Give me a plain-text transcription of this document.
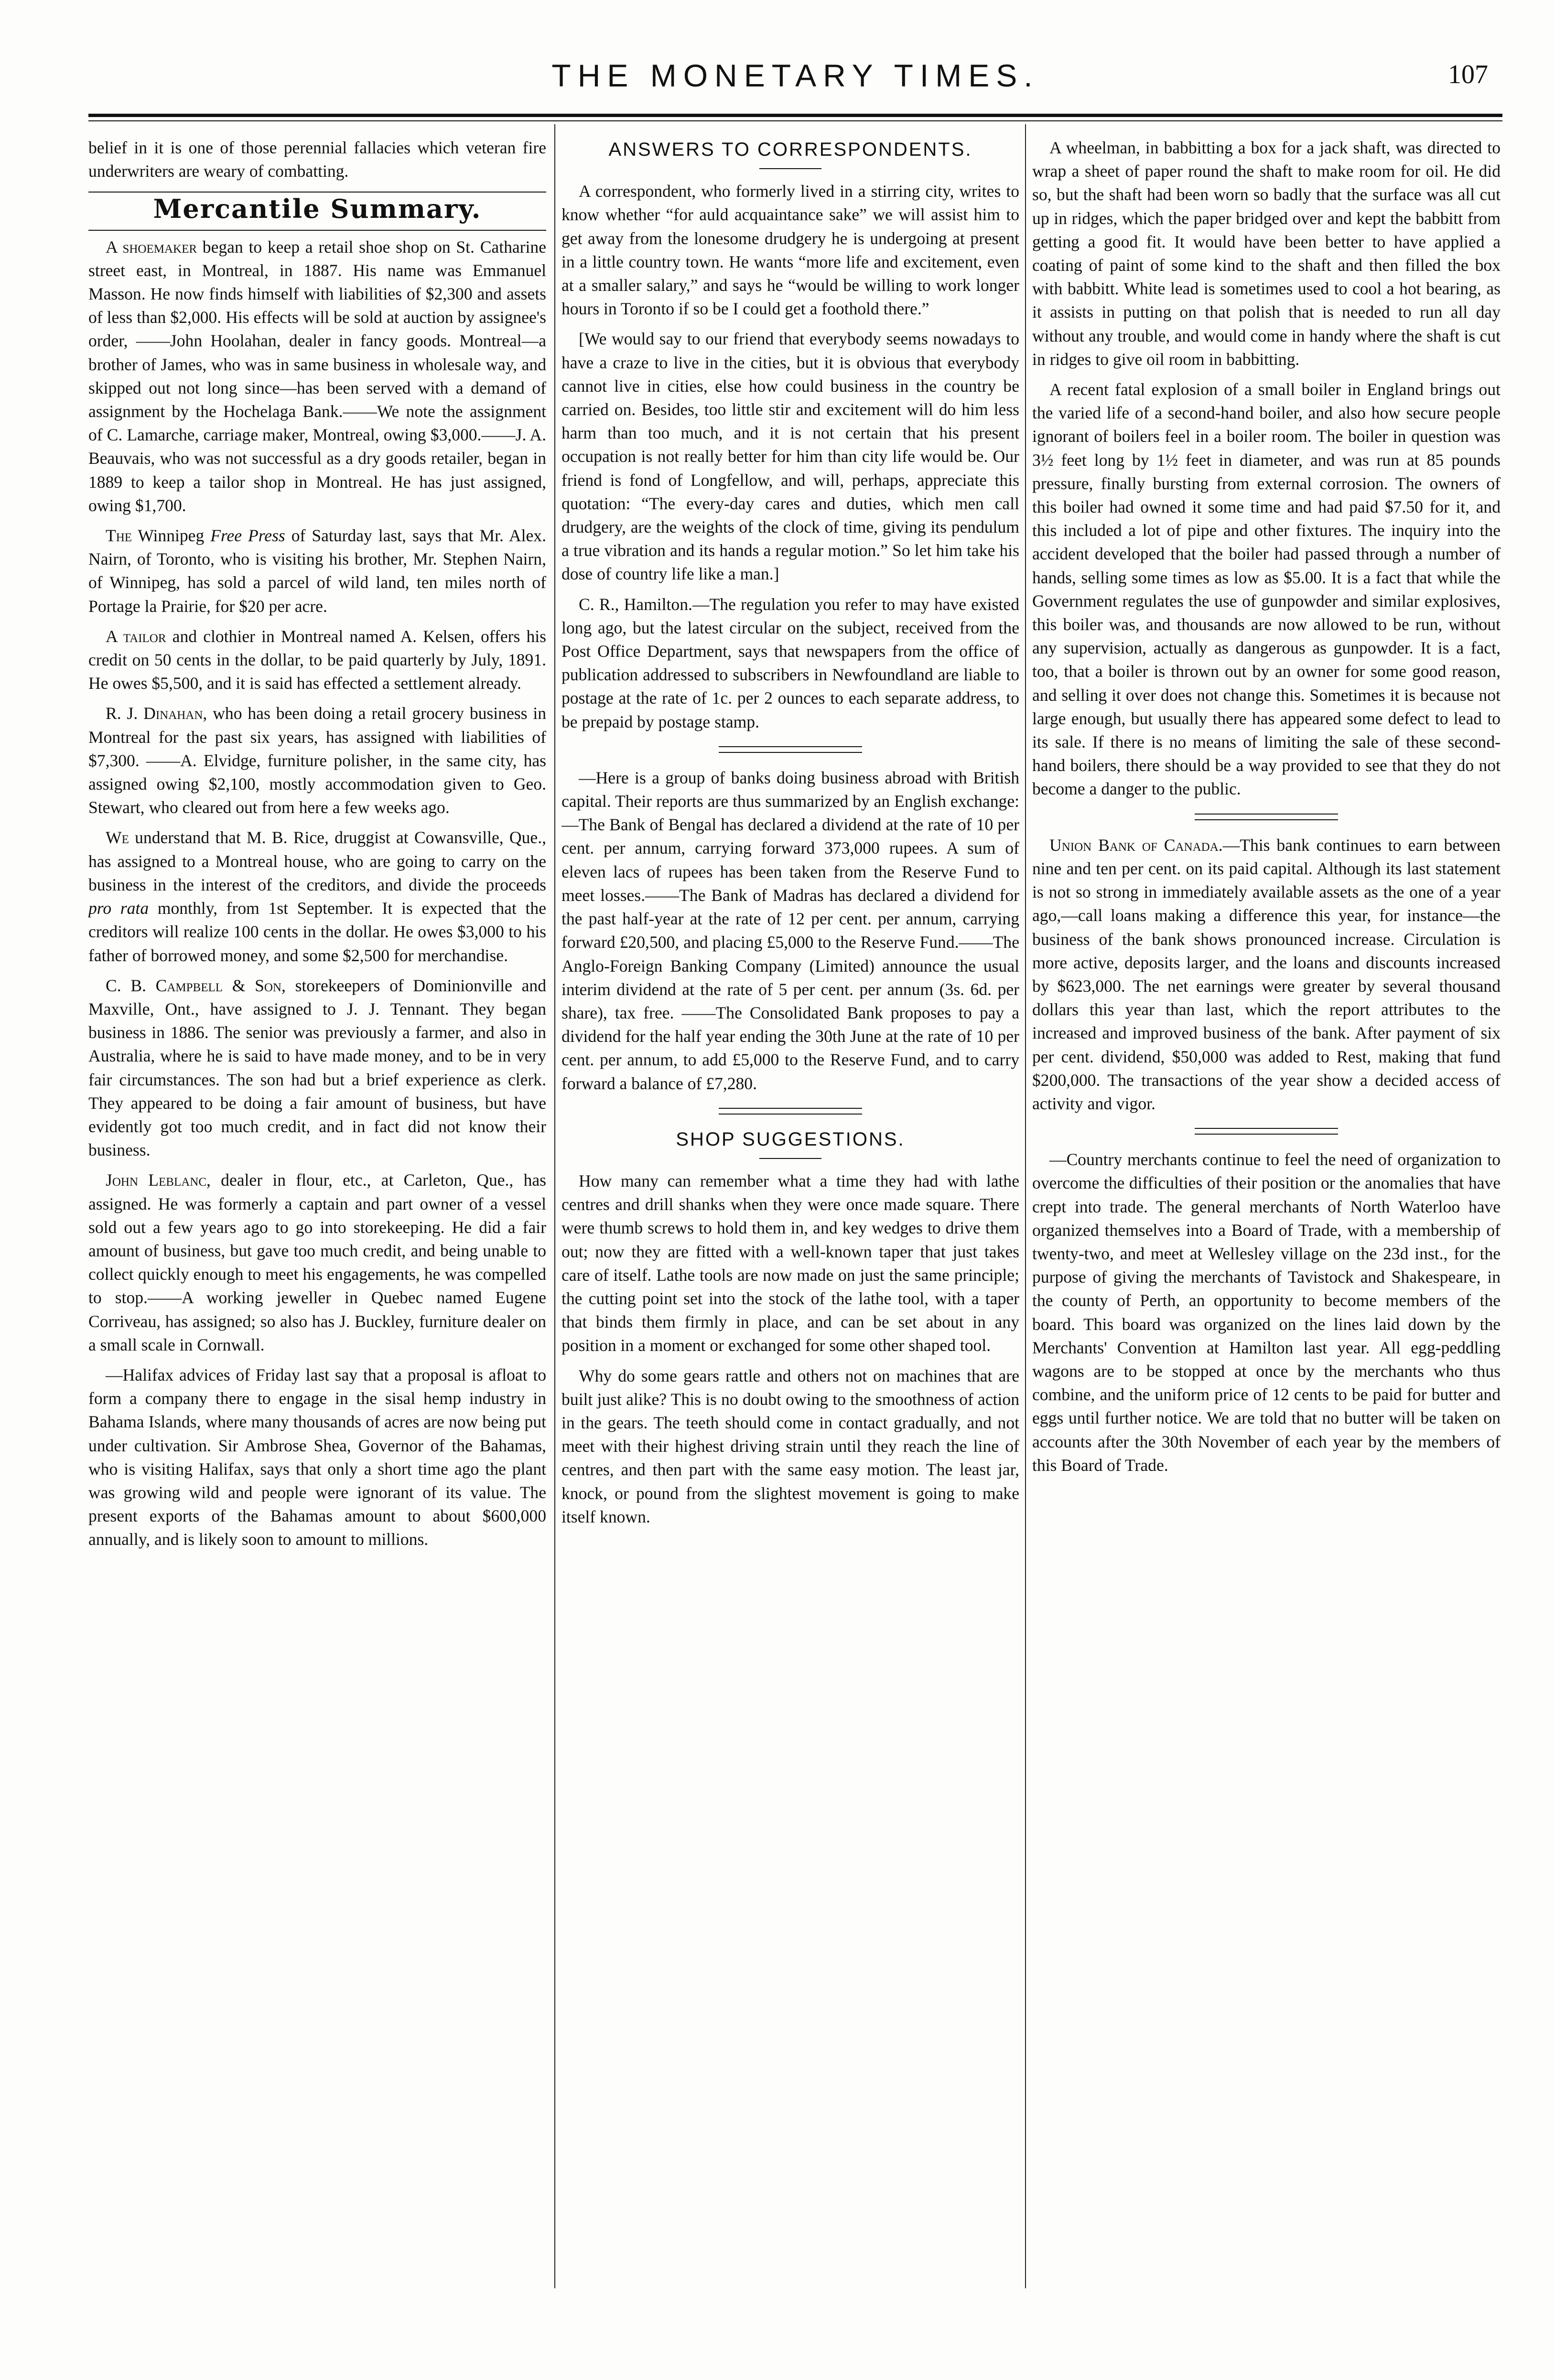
THE MONETARY TIMES.	107

belief in it is one of those perennial fallacies which veteran fire underwriters are weary of combatting.

Mercantile Summary.

A shoemaker began to keep a retail shoe shop on St. Catharine street east, in Montreal, in 1887. His name was Emmanuel Masson. He now finds himself with liabilities of $2,300 and assets of less than $2,000. His effects will be sold at auction by assignee's order, ——John Hoolahan, dealer in fancy goods. Montreal—a brother of James, who was in same business in wholesale way, and skipped out not long since—has been served with a demand of assignment by the Hochelaga Bank.——We note the assignment of C. Lamarche, carriage maker, Montreal, owing $3,000.——J. A. Beauvais, who was not successful as a dry goods retailer, began in 1889 to keep a tailor shop in Montreal. He has just assigned, owing $1,700.

The Winnipeg Free Press of Saturday last, says that Mr. Alex. Nairn, of Toronto, who is visiting his brother, Mr. Stephen Nairn, of Winnipeg, has sold a parcel of wild land, ten miles north of Portage la Prairie, for $20 per acre.

A tailor and clothier in Montreal named A. Kelsen, offers his credit on 50 cents in the dollar, to be paid quarterly by July, 1891. He owes $5,500, and it is said has effected a settlement already.

R. J. Dinahan, who has been doing a retail grocery business in Montreal for the past six years, has assigned with liabilities of $7,300. ——A. Elvidge, furniture polisher, in the same city, has assigned owing $2,100, mostly accommodation given to Geo. Stewart, who cleared out from here a few weeks ago.

We understand that M. B. Rice, druggist at Cowansville, Que., has assigned to a Montreal house, who are going to carry on the business in the interest of the creditors, and divide the proceeds pro rata monthly, from 1st September. It is expected that the creditors will realize 100 cents in the dollar. He owes $3,000 to his father of borrowed money, and some $2,500 for merchandise.

C. B. Campbell & Son, storekeepers of Dominionville and Maxville, Ont., have assigned to J. J. Tennant. They began business in 1886. The senior was previously a farmer, and also in Australia, where he is said to have made money, and to be in very fair circumstances. The son had but a brief experience as clerk. They appeared to be doing a fair amount of business, but have evidently got too much credit, and in fact did not know their business.

John Leblanc, dealer in flour, etc., at Carleton, Que., has assigned. He was formerly a captain and part owner of a vessel sold out a few years ago to go into storekeeping. He did a fair amount of business, but gave too much credit, and being unable to collect quickly enough to meet his engagements, he was compelled to stop.——A working jeweller in Quebec named Eugene Corriveau, has assigned; so also has J. Buckley, furniture dealer on a small scale in Cornwall.

—Halifax advices of Friday last say that a proposal is afloat to form a company there to engage in the sisal hemp industry in Bahama Islands, where many thousands of acres are now being put under cultivation. Sir Ambrose Shea, Governor of the Bahamas, who is visiting Halifax, says that only a short time ago the plant was growing wild and people were ignorant of its value. The present exports of the Bahamas amount to about $600,000 annually, and is likely soon to amount to millions.

ANSWERS TO CORRESPONDENTS.

A correspondent, who formerly lived in a stirring city, writes to know whether “for auld acquaintance sake” we will assist him to get away from the lonesome drudgery he is undergoing at present in a little country town. He wants “more life and excitement, even at a smaller salary,” and says he “would be willing to work longer hours in Toronto if so be I could get a foothold there.”

[We would say to our friend that everybody seems nowadays to have a craze to live in the cities, but it is obvious that everybody cannot live in cities, else how could business in the country be carried on. Besides, too little stir and excitement will do him less harm than too much, and it is not certain that his present occupation is not really better for him than city life would be. Our friend is fond of Longfellow, and will, perhaps, appreciate this quotation: “The every-day cares and duties, which men call drudgery, are the weights of the clock of time, giving its pendulum a true vibration and its hands a regular motion.” So let him take his dose of country life like a man.]

C. R., Hamilton.—The regulation you refer to may have existed long ago, but the latest circular on the subject, received from the Post Office Department, says that newspapers from the office of publication addressed to subscribers in Newfoundland are liable to postage at the rate of 1c. per 2 ounces to each separate address, to be prepaid by postage stamp.

—Here is a group of banks doing business abroad with British capital. Their reports are thus summarized by an English exchange: —The Bank of Bengal has declared a dividend at the rate of 10 per cent. per annum, carrying forward 373,000 rupees. A sum of eleven lacs of rupees has been taken from the Reserve Fund to meet losses.——The Bank of Madras has declared a dividend for the past half-year at the rate of 12 per cent. per annum, carrying forward £20,500, and placing £5,000 to the Reserve Fund.——The Anglo-Foreign Banking Company (Limited) announce the usual interim dividend at the rate of 5 per cent. per annum (3s. 6d. per share), tax free. ——The Consolidated Bank proposes to pay a dividend for the half year ending the 30th June at the rate of 10 per cent. per annum, to add £5,000 to the Reserve Fund, and to carry forward a balance of £7,280.

SHOP SUGGESTIONS.

How many can remember what a time they had with lathe centres and drill shanks when they were once made square. There were thumb screws to hold them in, and key wedges to drive them out; now they are fitted with a well-known taper that just takes care of itself. Lathe tools are now made on just the same principle; the cutting point set into the stock of the lathe tool, with a taper that binds them firmly in place, and can be set about in any position in a moment or exchanged for some other shaped tool.

Why do some gears rattle and others not on machines that are built just alike? This is no doubt owing to the smoothness of action in the gears. The teeth should come in contact gradually, and not meet with their highest driving strain until they reach the line of centres, and then part with the same easy motion. The least jar, knock, or pound from the slightest movement is going to make itself known.

A wheelman, in babbitting a box for a jack shaft, was directed to wrap a sheet of paper round the shaft to make room for oil. He did so, but the shaft had been worn so badly that the surface was all cut up in ridges, which the paper bridged over and kept the babbitt from getting a good fit. It would have been better to have applied a coating of paint of some kind to the shaft and then filled the box with babbitt. White lead is sometimes used to cool a hot bearing, as it assists in putting on that polish that is needed to run all day without any trouble, and would come in handy where the shaft is cut in ridges to give oil room in babbitting.

A recent fatal explosion of a small boiler in England brings out the varied life of a second-hand boiler, and also how secure people ignorant of boilers feel in a boiler room. The boiler in question was 3½ feet long by 1½ feet in diameter, and was run at 85 pounds pressure, finally bursting from external corrosion. The owners of this boiler had owned it some time and had paid $7.50 for it, and this included a lot of pipe and other fixtures. The inquiry into the accident developed that the boiler had passed through a number of hands, selling some times as low as $5.00. It is a fact that while the Government regulates the use of gunpowder and similar explosives, this boiler was, and thousands are now allowed to be run, without any supervision, actually as dangerous as gunpowder. It is a fact, too, that a boiler is thrown out by an owner for some good reason, and selling it over does not change this. Sometimes it is because not large enough, but usually there has appeared some defect to lead to its sale. If there is no means of limiting the sale of these second-hand boilers, there should be a way provided to see that they do not become a danger to the public.

Union Bank of Canada.—This bank continues to earn between nine and ten per cent. on its paid capital. Although its last statement is not so strong in immediately available assets as the one of a year ago,—call loans making a difference this year, for instance—the business of the bank shows pronounced increase. Circulation is more active, deposits larger, and the loans and discounts increased by $623,000. The net earnings were greater by several thousand dollars this year than last, which the report attributes to the increased and improved business of the bank. After payment of six per cent. dividend, $50,000 was added to Rest, making that fund $200,000. The transactions of the year show a decided access of activity and vigor.

—Country merchants continue to feel the need of organization to overcome the difficulties of their position or the anomalies that have crept into trade. The general merchants of North Waterloo have organized themselves into a Board of Trade, with a membership of twenty-two, and meet at Wellesley village on the 23d inst., for the purpose of giving the merchants of Tavistock and Shakespeare, in the county of Perth, an opportunity to become members of the board. This board was organized on the lines laid down by the Merchants' Convention at Hamilton last year. All egg-peddling wagons are to be stopped at once by the merchants who thus combine, and the uniform price of 12 cents to be paid for butter and eggs until further notice. We are told that no butter will be taken on accounts after the 30th November of each year by the members of this Board of Trade.
